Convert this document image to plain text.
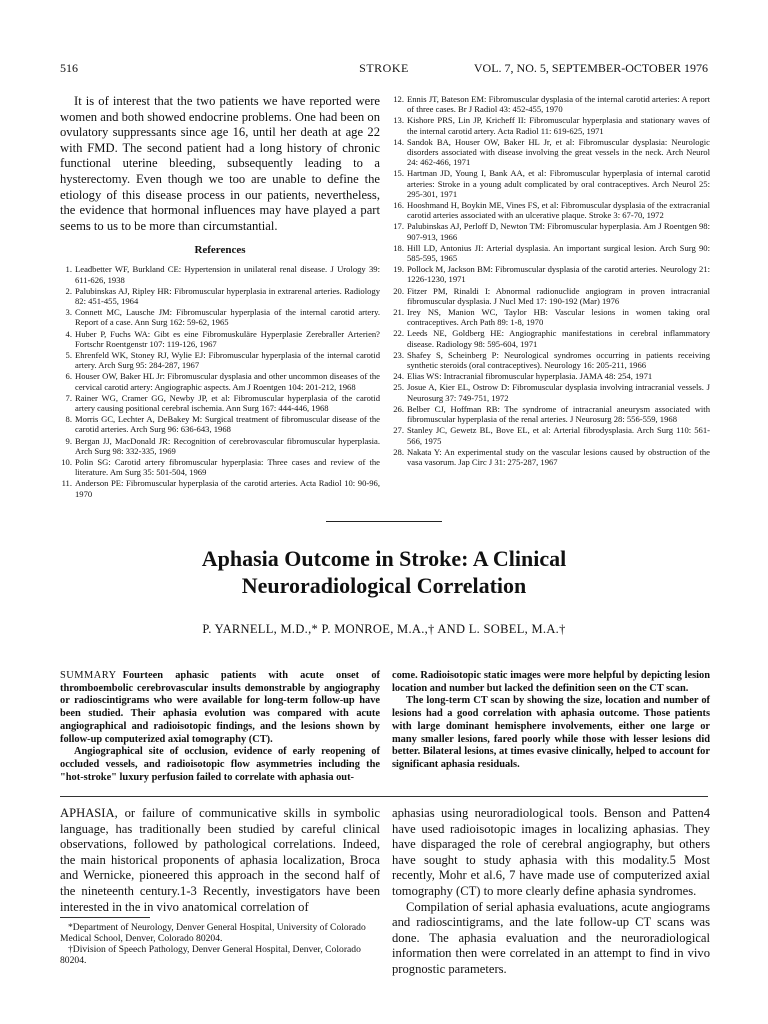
516	STROKE	VOL. 7, NO. 5, SEPTEMBER-OCTOBER 1976

It is of interest that the two patients we have reported were women and both showed endocrine problems. One had been on ovulatory suppressants since age 16, until her death at age 22 with FMD. The second patient had a long history of chronic functional uterine bleeding, subsequently leading to a hysterectomy. Even though we too are unable to define the etiology of this disease process in our patients, nevertheless, the evidence that hormonal influences may have played a part seems to us to be more than circumstantial.

References
1. Leadbetter WF, Burkland CE: Hypertension in unilateral renal disease. J Urology 39: 611-626, 1938
2. Palubinskas AJ, Ripley HR: Fibromuscular hyperplasia in extrarenal arteries. Radiology 82: 451-455, 1964
3. Connett MC, Lausche JM: Fibromuscular hyperplasia of the internal carotid artery. Report of a case. Ann Surg 162: 59-62, 1965
4. Huber P, Fuchs WA: Gibt es eine Fibromuskuläre Hyperplasie Zerebraller Arterien? Fortschr Roentgenstr 107: 119-126, 1967
5. Ehrenfeld WK, Stoney RJ, Wylie EJ: Fibromuscular hyperplasia of the internal carotid artery. Arch Surg 95: 284-287, 1967
6. Houser OW, Baker HL Jr: Fibromuscular dysplasia and other uncommon diseases of the cervical carotid artery: Angiographic aspects. Am J Roentgen 104: 201-212, 1968
7. Rainer WG, Cramer GG, Newby JP, et al: Fibromuscular hyperplasia of the carotid artery causing positional cerebral ischemia. Ann Surg 167: 444-446, 1968
8. Morris GC, Lechter A, DeBakey M: Surgical treatment of fibromuscular disease of the carotid arteries. Arch Surg 96: 636-643, 1968
9. Bergan JJ, MacDonald JR: Recognition of cerebrovascular fibromuscular hyperplasia. Arch Surg 98: 332-335, 1969
10. Polin SG: Carotid artery fibromuscular hyperplasia: Three cases and review of the literature. Am Surg 35: 501-504, 1969
11. Anderson PE: Fibromuscular hyperplasia of the carotid arteries. Acta Radiol 10: 90-96, 1970
12. Ennis JT, Bateson EM: Fibromuscular dysplasia of the internal carotid arteries: A report of three cases. Br J Radiol 43: 452-455, 1970
13. Kishore PRS, Lin JP, Kricheff II: Fibromuscular hyperplasia and stationary waves of the internal carotid artery. Acta Radiol 11: 619-625, 1971
14. Sandok BA, Houser OW, Baker HL Jr, et al: Fibromuscular dysplasia: Neurologic disorders associated with disease involving the great vessels in the neck. Arch Neurol 24: 462-466, 1971
15. Hartman JD, Young I, Bank AA, et al: Fibromuscular hyperplasia of internal carotid arteries: Stroke in a young adult complicated by oral contraceptives. Arch Neurol 25: 295-301, 1971
16. Hooshmand H, Boykin ME, Vines FS, et al: Fibromuscular dysplasia of the extracranial carotid arteries associated with an ulcerative plaque. Stroke 3: 67-70, 1972
17. Palubinskas AJ, Perloff D, Newton TM: Fibromuscular hyperplasia. Am J Roentgen 98: 907-913, 1966
18. Hill LD, Antonius JI: Arterial dysplasia. An important surgical lesion. Arch Surg 90: 585-595, 1965
19. Pollock M, Jackson BM: Fibromuscular dysplasia of the carotid arteries. Neurology 21: 1226-1230, 1971
20. Fitzer PM, Rinaldi I: Abnormal radionuclide angiogram in proven intracranial fibromuscular dysplasia. J Nucl Med 17: 190-192 (Mar) 1976
21. Irey NS, Manion WC, Taylor HB: Vascular lesions in women taking oral contraceptives. Arch Path 89: 1-8, 1970
22. Leeds NE, Goldberg HE: Angiographic manifestations in cerebral inflammatory disease. Radiology 98: 595-604, 1971
23. Shafey S, Scheinberg P: Neurological syndromes occurring in patients receiving synthetic steroids (oral contraceptives). Neurology 16: 205-211, 1966
24. Elias WS: Intracranial fibromuscular hyperplasia. JAMA 48: 254, 1971
25. Josue A, Kier EL, Ostrow D: Fibromuscular dysplasia involving intracranial vessels. J Neurosurg 37: 749-751, 1972
26. Belber CJ, Hoffman RB: The syndrome of intracranial aneurysm associated with fibromuscular hyperplasia of the renal arteries. J Neurosurg 28: 556-559, 1968
27. Stanley JC, Gewetz BL, Bove EL, et al: Arterial fibrodysplasia. Arch Surg 110: 561-566, 1975
28. Nakata Y: An experimental study on the vascular lesions caused by obstruction of the vasa vasorum. Jap Circ J 31: 275-287, 1967
Aphasia Outcome in Stroke: A Clinical
Neuroradiological Correlation
P. YARNELL, M.D.,* P. MONROE, M.A.,† AND L. SOBEL, M.A.†

SUMMARY Fourteen aphasic patients with acute onset of thromboembolic cerebrovascular insults demonstrable by angiography or radioscintigrams who were available for long-term follow-up have been studied. Their aphasia evolution was compared with acute angiographical and radioisotopic findings, and the lesions shown by follow-up computerized axial tomography (CT).

Angiographical site of occlusion, evidence of early reopening of occluded vessels, and radioisotopic flow asymmetries including the "hot-stroke" luxury perfusion failed to correlate with aphasia out-

come. Radioisotopic static images were more helpful by depicting lesion location and number but lacked the definition seen on the CT scan.

The long-term CT scan by showing the size, location and number of lesions had a good correlation with aphasia outcome. Those patients with large dominant hemisphere involvements, either one large or many smaller lesions, fared poorly while those with lesser lesions did better. Bilateral lesions, at times evasive clinically, helped to account for significant aphasia residuals.

APHASIA, or failure of communicative skills in symbolic language, has traditionally been studied by careful clinical observations, followed by pathological correlations. Indeed, the main historical proponents of aphasia localization, Broca and Wernicke, pioneered this approach in the second half of the nineteenth century.1-3 Recently, investigators have been interested in the in vivo anatomical correlation of

aphasias using neuroradiological tools. Benson and Patten4 have used radioisotopic images in localizing aphasias. They have disparaged the role of cerebral angiography, but others have sought to study aphasia with this modality.5 Most recently, Mohr et al.6, 7 have made use of computerized axial tomography (CT) to more clearly define aphasia syndromes.

Compilation of serial aphasia evaluations, acute angiograms and radioscintigrams, and the late follow-up CT scans was done. The aphasia evaluation and the neuroradiological information then were correlated in an attempt to find in vivo prognostic parameters.

*Department of Neurology, Denver General Hospital, University of Colorado Medical School, Denver, Colorado 80204.

†Division of Speech Pathology, Denver General Hospital, Denver, Colorado 80204.
